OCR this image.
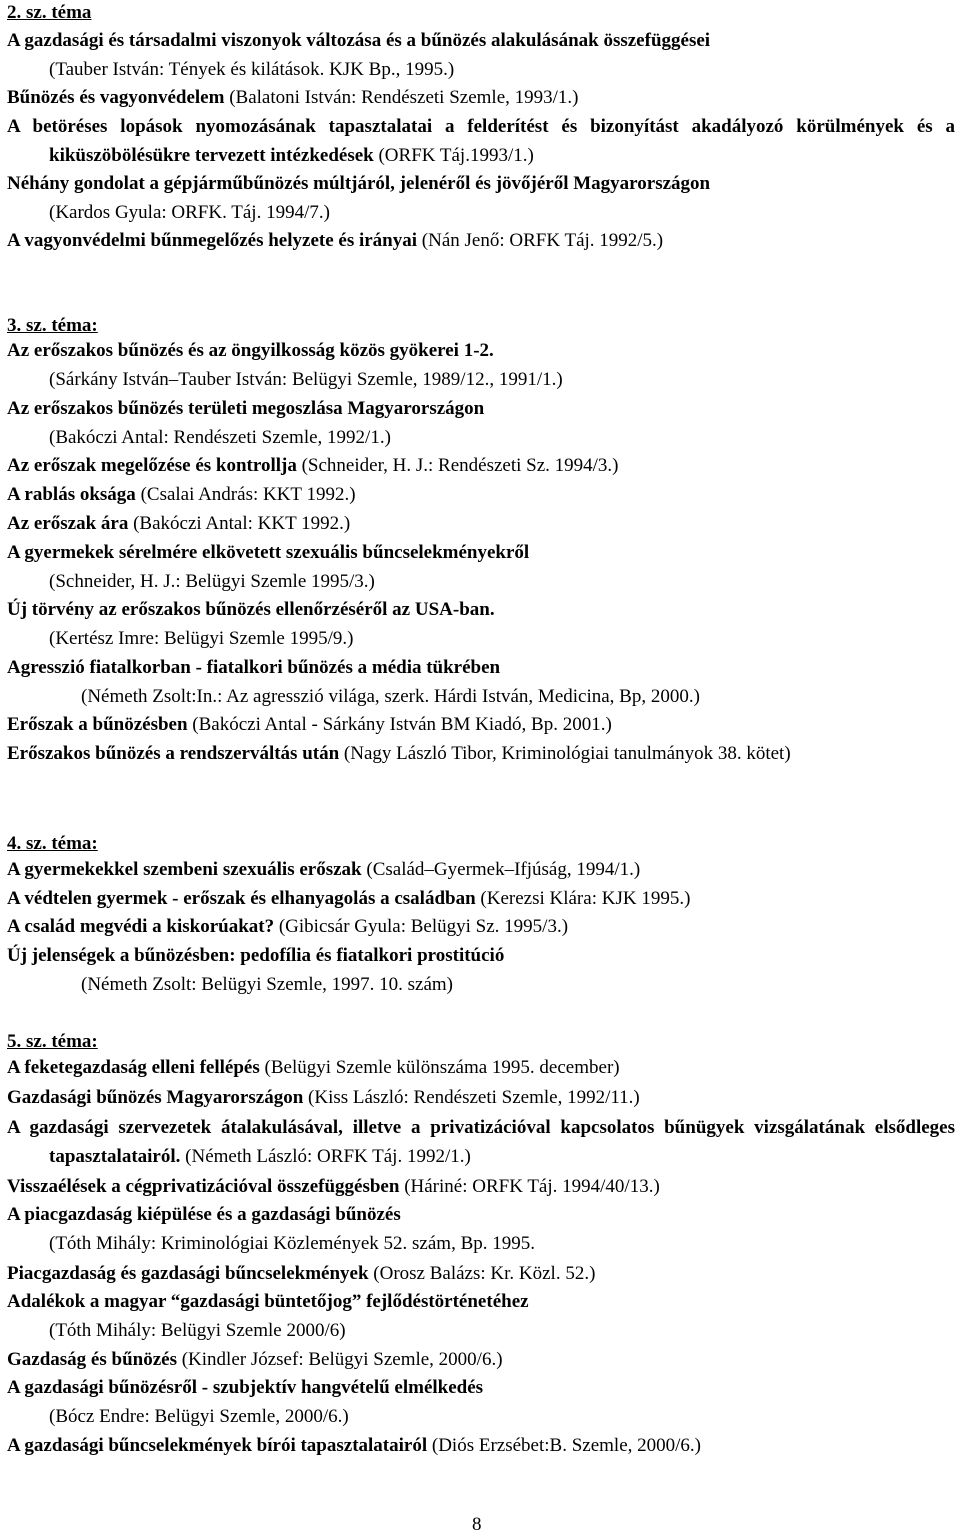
2. sz. téma
A gazdasági és társadalmi viszonyok változása és a bűnözés alakulásának összefüggései
(Tauber István: Tények és kilátások. KJK Bp., 1995.)
Bűnözés és vagyonvédelem (Balatoni István: Rendészeti Szemle, 1993/1.)
A betöréses lopások nyomozásának tapasztalatai a felderítést és bizonyítást akadályozó körülmények és a kiküszöbölésükre tervezett intézkedések (ORFK Táj.1993/1.)
Néhány gondolat a gépjárműbűnözés múltjáról, jelenéről és jövőjéről Magyarországon
(Kardos Gyula: ORFK. Táj. 1994/7.)
A vagyonvédelmi bűnmegelőzés helyzete és irányai (Nán Jenő: ORFK Táj. 1992/5.)
3. sz. téma:
Az erőszakos bűnözés és az öngyilkosság közös gyökerei 1-2.
(Sárkány István–Tauber István: Belügyi Szemle, 1989/12., 1991/1.)
Az erőszakos bűnözés területi megoszlása Magyarországon
(Bakóczi Antal: Rendészeti Szemle, 1992/1.)
Az erőszak megelőzése és kontrollja (Schneider, H. J.: Rendészeti Sz. 1994/3.)
A rablás oksága (Csalai András: KKT 1992.)
Az erőszak ára (Bakóczi Antal: KKT 1992.)
A gyermekek sérelmére elkövetett szexuális bűncselekményekről
(Schneider, H. J.: Belügyi Szemle 1995/3.)
Új törvény az erőszakos bűnözés ellenőrzéséről az USA-ban.
(Kertész Imre: Belügyi Szemle 1995/9.)
Agresszió fiatalkorban - fiatalkori bűnözés a média tükrében
(Németh Zsolt:In.: Az agresszió világa, szerk. Hárdi István, Medicina, Bp, 2000.)
Erőszak a bűnözésben (Bakóczi Antal - Sárkány István BM Kiadó, Bp. 2001.)
Erőszakos bűnözés a rendszerváltás után (Nagy László Tibor, Kriminológiai tanulmányok 38. kötet)
4. sz. téma:
A gyermekekkel szembeni szexuális erőszak (Család–Gyermek–Ifjúság, 1994/1.)
A védtelen gyermek - erőszak és elhanyagolás a családban (Kerezsi Klára: KJK 1995.)
A család megvédi a kiskorúakat? (Gibicsár Gyula: Belügyi Sz. 1995/3.)
Új jelenségek a bűnözésben: pedofília és fiatalkori prostitúció
(Németh Zsolt: Belügyi Szemle, 1997. 10. szám)
5. sz. téma:
A feketegazdaság elleni fellépés (Belügyi Szemle különszáma 1995. december)
Gazdasági bűnözés Magyarországon (Kiss László: Rendészeti Szemle, 1992/11.)
A gazdasági szervezetek átalakulásával, illetve a privatizációval kapcsolatos bűnügyek vizsgálatának elsődleges tapasztalatairól. (Németh László: ORFK Táj. 1992/1.)
Visszaélések a cégprivatizációval összefüggésben (Háriné: ORFK Táj. 1994/40/13.)
A piacgazdaság kiépülése és a gazdasági bűnözés
(Tóth Mihály: Kriminológiai Közlemények 52. szám, Bp. 1995.
Piacgazdaság és gazdasági bűncselekmények (Orosz Balázs: Kr. Közl. 52.)
Adalékok a magyar “gazdasági büntetőjog” fejlődéstörténetéhez
(Tóth Mihály: Belügyi Szemle 2000/6)
Gazdaság és bűnözés (Kindler József: Belügyi Szemle, 2000/6.)
A gazdasági bűnözésről - szubjektív hangvételű elmélkedés
(Bócz Endre: Belügyi Szemle, 2000/6.)
A gazdasági bűncselekmények bírói tapasztalatairól (Diós Erzsébet:B. Szemle, 2000/6.)
8
